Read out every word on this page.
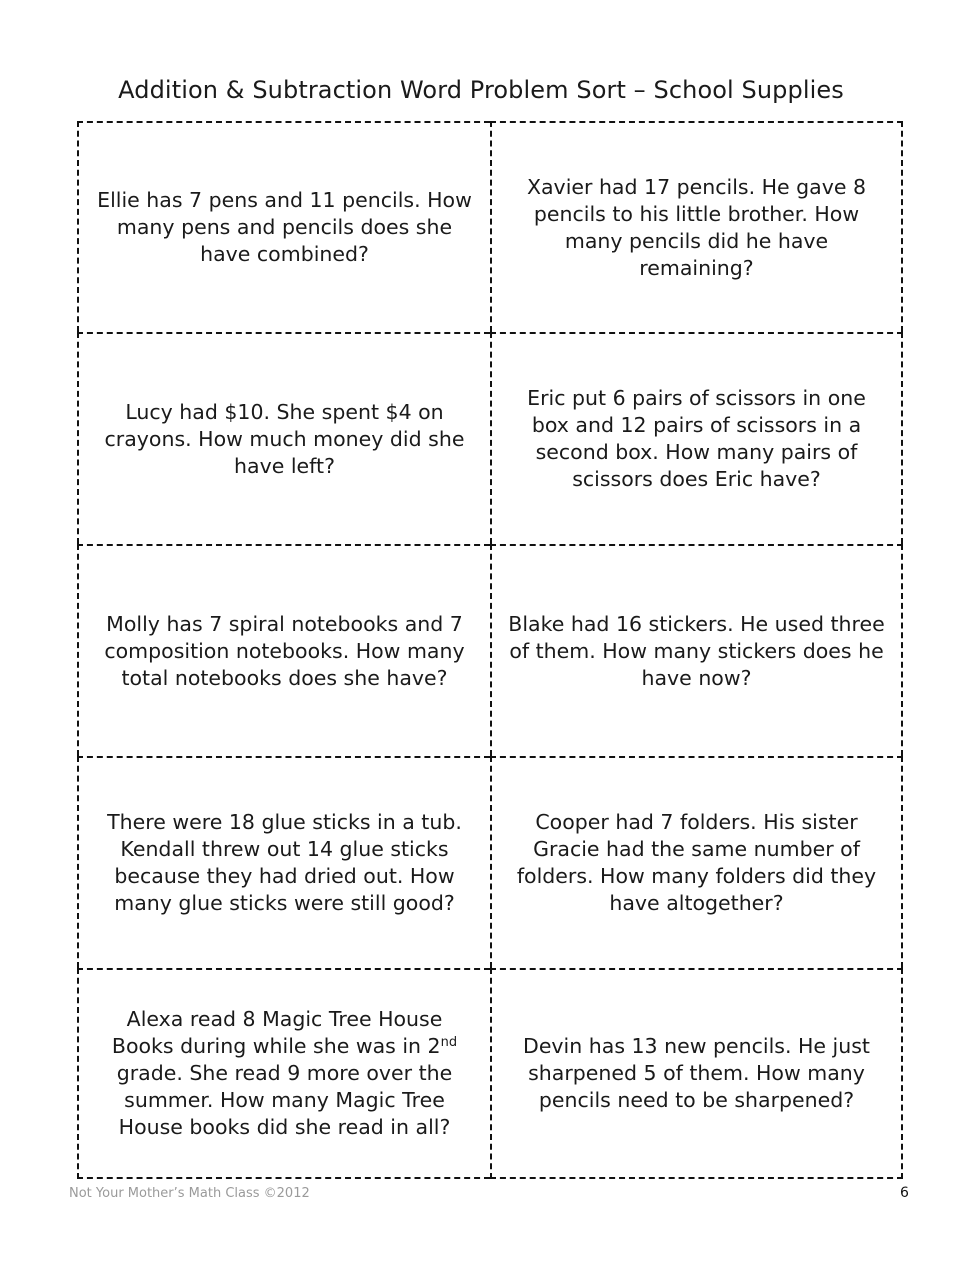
Addition & Subtraction Word Problem Sort – School Supplies

Ellie has 7 pens and 11 pencils. How many pens and pencils does she have combined?

Xavier had 17 pencils. He gave 8 pencils to his little brother. How many pencils did he have remaining?

Lucy had $10. She spent $4 on crayons. How much money did she have left?

Eric put 6 pairs of scissors in one box and 12 pairs of scissors in a second box. How many pairs of scissors does Eric have?

Molly has 7 spiral notebooks and 7 composition notebooks. How many total notebooks does she have?

Blake had 16 stickers. He used three of them. How many stickers does he have now?

There were 18 glue sticks in a tub. Kendall threw out 14 glue sticks because they had dried out. How many glue sticks were still good?

Cooper had 7 folders. His sister Gracie had the same number of folders. How many folders did they have altogether?

Alexa read 8 Magic Tree House Books during while she was in 2nd grade. She read 9 more over the summer. How many Magic Tree House books did she read in all?

Devin has 13 new pencils. He just sharpened 5 of them. How many pencils need to be sharpened?

Not Your Mother’s Math Class ©2012	6
